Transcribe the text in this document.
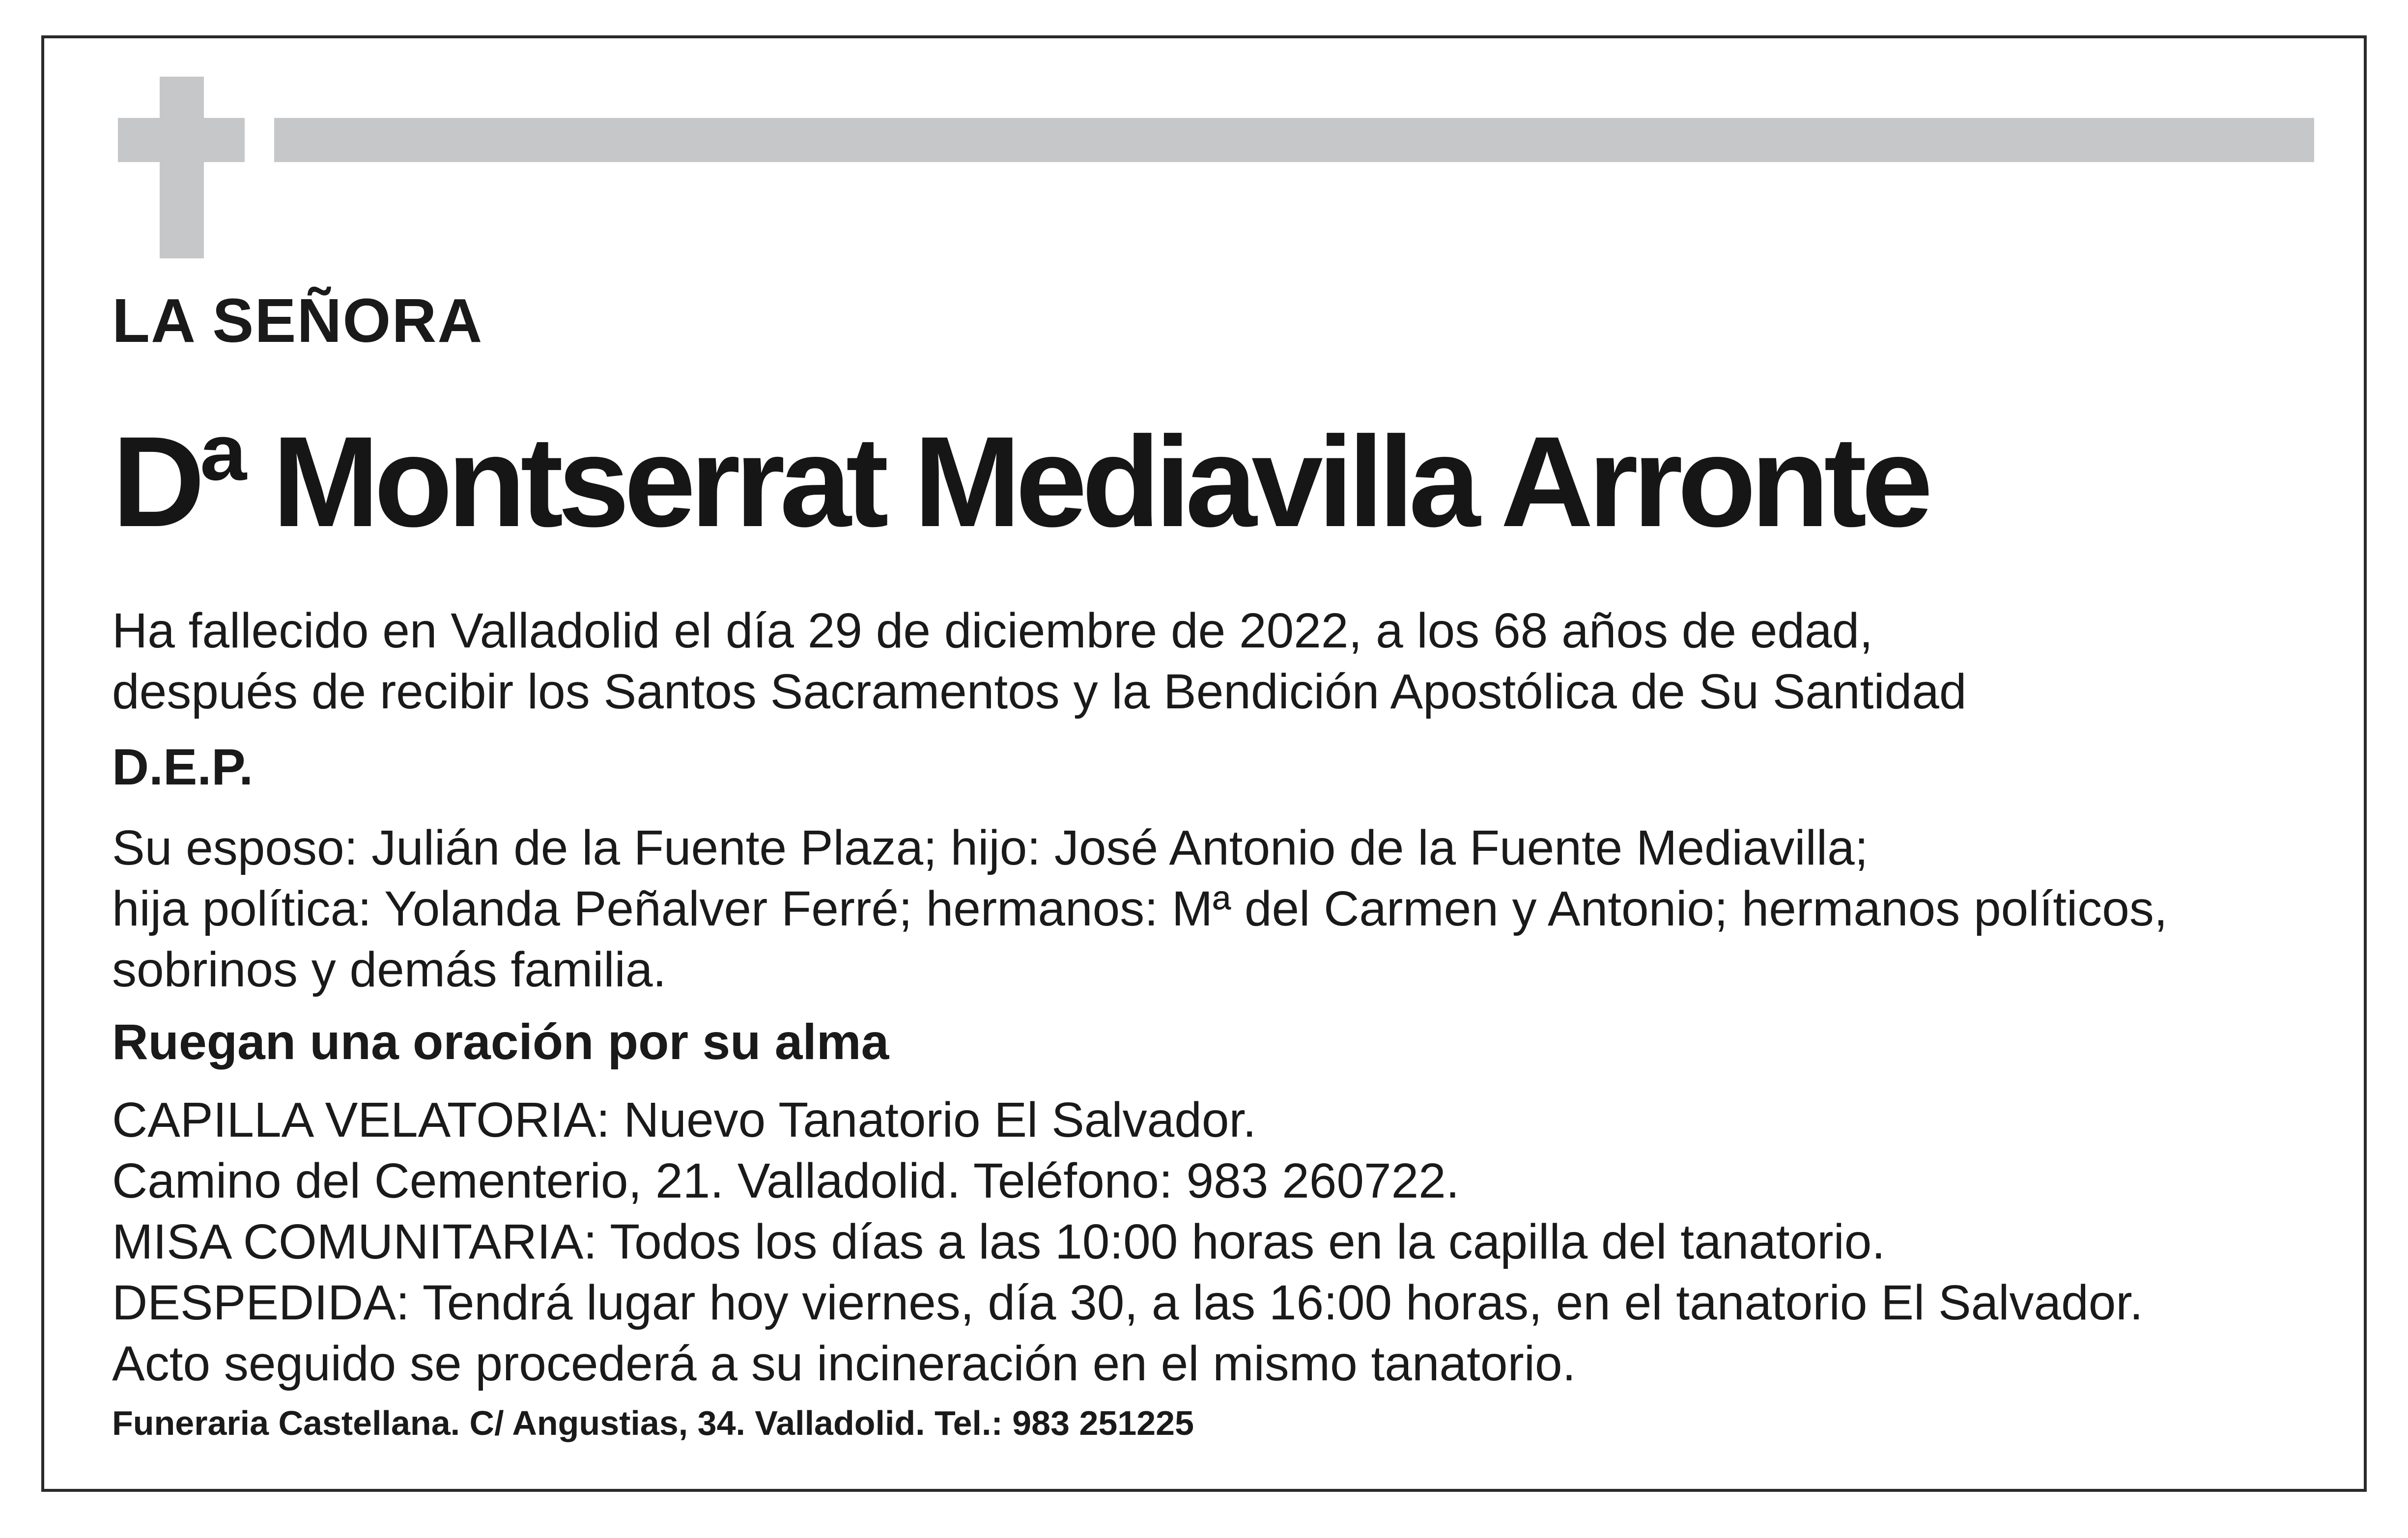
LA SEÑORA
Dª Montserrat Mediavilla Arronte
Ha fallecido en Valladolid el día 29 de diciembre de 2022, a los 68 años de edad,
después de recibir los Santos Sacramentos y la Bendición Apostólica de Su Santidad
D.E.P.
Su esposo: Julián de la Fuente Plaza; hijo: José Antonio de la Fuente Mediavilla;
hija política: Yolanda Peñalver Ferré; hermanos: Mª del Carmen y Antonio; hermanos políticos,
sobrinos y demás familia.
Ruegan una oración por su alma
CAPILLA VELATORIA: Nuevo Tanatorio El Salvador.
Camino del Cementerio, 21. Valladolid. Teléfono: 983 260722.
MISA COMUNITARIA: Todos los días a las 10:00 horas en la capilla del tanatorio.
DESPEDIDA: Tendrá lugar hoy viernes, día 30, a las 16:00 horas, en el tanatorio El Salvador.
Acto seguido se procederá a su incineración en el mismo tanatorio.
Funeraria Castellana. C/ Angustias, 34. Valladolid. Tel.: 983 251225
